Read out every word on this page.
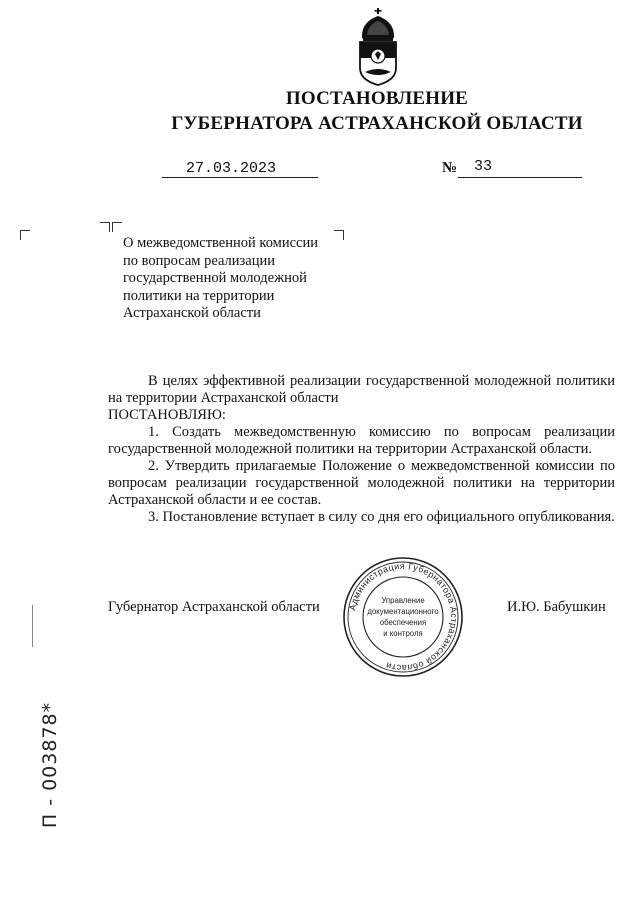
ПОСТАНОВЛЕНИЕ
ГУБЕРНАТОРА АСТРАХАНСКОЙ ОБЛАСТИ
27.03.2023	№ 33
О межведомственной комиссии по вопросам реализации государственной молодежной политики на территории Астраханской области

В целях эффективной реализации государственной молодежной политики на территории Астраханской области

ПОСТАНОВЛЯЮ:

1. Создать межведомственную комиссию по вопросам реализации государственной молодежной политики на территории Астраханской области.

2. Утвердить прилагаемые Положение о межведомственной комиссии по вопросам реализации государственной молодежной политики на территории Астраханской области и ее состав.

3. Постановление вступает в силу со дня его официального опубликования.

Губернатор Астраханской области	И.Ю. Бабушкин
Администрация Губернатора Астраханской области
Управление
документационного
обеспечения
и контроля
П - 003878*
